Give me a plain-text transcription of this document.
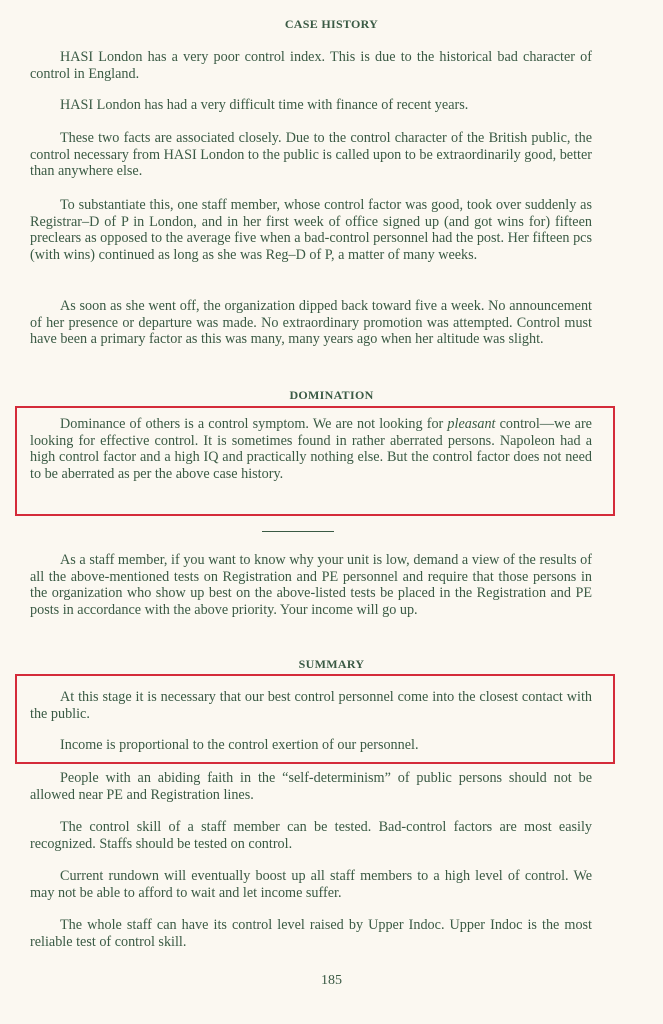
CASE HISTORY

HASI London has a very poor control index. This is due to the historical bad character of control in England.

HASI London has had a very difficult time with finance of recent years.

These two facts are associated closely. Due to the control character of the British public, the control necessary from HASI London to the public is called upon to be extraordinarily good, better than anywhere else.

To substantiate this, one staff member, whose control factor was good, took over suddenly as Registrar–D of P in London, and in her first week of office signed up (and got wins for) fifteen preclears as opposed to the average five when a bad-control personnel had the post. Her fifteen pcs (with wins) continued as long as she was Reg–D of P, a matter of many weeks.

As soon as she went off, the organization dipped back toward five a week. No announcement of her presence or departure was made. No extraordinary promotion was attempted. Control must have been a primary factor as this was many, many years ago when her altitude was slight.

DOMINATION

Dominance of others is a control symptom. We are not looking for pleasant control—we are looking for effective control. It is sometimes found in rather aberrated persons. Napoleon had a high control factor and a high IQ and practically nothing else. But the control factor does not need to be aberrated as per the above case history.

As a staff member, if you want to know why your unit is low, demand a view of the results of all the above-mentioned tests on Registration and PE personnel and require that those persons in the organization who show up best on the above-listed tests be placed in the Registration and PE posts in accordance with the above priority. Your income will go up.

SUMMARY

At this stage it is necessary that our best control personnel come into the closest contact with the public.

Income is proportional to the control exertion of our personnel.

People with an abiding faith in the “self-determinism” of public persons should not be allowed near PE and Registration lines.

The control skill of a staff member can be tested. Bad-control factors are most easily recognized. Staffs should be tested on control.

Current rundown will eventually boost up all staff members to a high level of control. We may not be able to afford to wait and let income suffer.

The whole staff can have its control level raised by Upper Indoc. Upper Indoc is the most reliable test of control skill.

185
